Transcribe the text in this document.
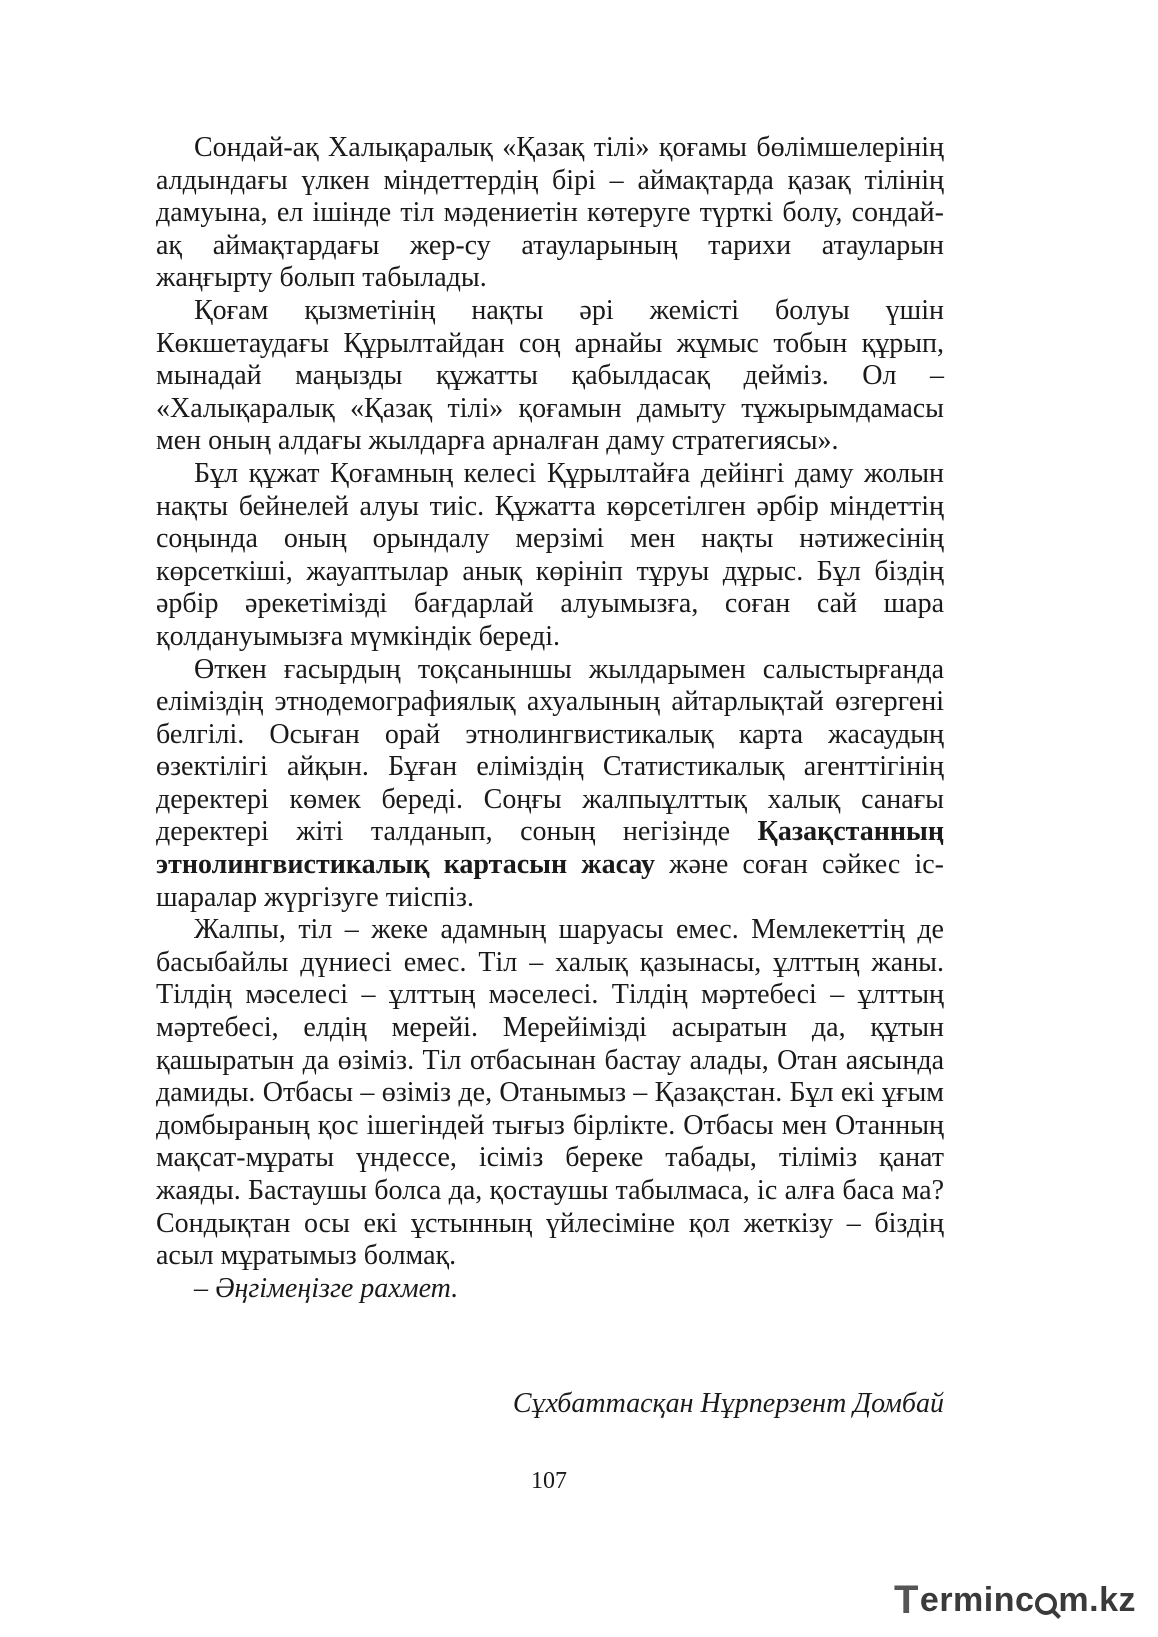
Сондай-ақ Халықаралық «Қазақ тілі» қоғамы бөлімшелерінің алдындағы үлкен міндеттердің бірі – аймақтарда қазақ тілінің дамуына, ел ішінде тіл мәдениетін көтеруге түрткі болу, сондай-ақ аймақтардағы жер-су атауларының тарихи атауларын жаңғырту болып табылады.

Қоғам қызметінің нақты әрі жемісті болуы үшін Көкшетаудағы Құрылтайдан соң арнайы жұмыс тобын құрып, мынадай маңызды құжатты қабылдасақ дейміз. Ол – «Халықаралық «Қазақ тілі» қоғамын дамыту тұжырымдамасы мен оның алдағы жылдарға арналған даму стратегиясы».

Бұл құжат Қоғамның келесі Құрылтайға дейінгі даму жолын нақты бейнелей алуы тиіс. Құжатта көрсетілген әрбір міндеттің соңында оның орындалу мерзімі мен нақты нәтижесінің көрсеткіші, жауаптылар анық көрініп тұруы дұрыс. Бұл біздің әрбір әрекетімізді бағдарлай алуымызға, соған сай шара қолдануымызға мүмкіндік береді.

Өткен ғасырдың тоқсаныншы жылдарымен салыстырғанда еліміздің этнодемографиялық ахуалының айтарлықтай өзгергені белгілі. Осыған орай этнолингвистикалық карта жасаудың өзектілігі айқын. Бұған еліміздің Статистикалық агенттігінің деректері көмек береді. Соңғы жалпыұлттық халық санағы деректері жіті талданып, соның негізінде Қазақстанның этнолингвистикалық картасын жасау және соған сәйкес іс-шаралар жүргізуге тиіспіз.

Жалпы, тіл – жеке адамның шаруасы емес. Мемлекеттің де басыбайлы дүниесі емес. Тіл – халық қазынасы, ұлттың жаны. Тілдің мәселесі – ұлттың мәселесі. Тілдің мәртебесі – ұлттың мәртебесі, елдің мерейі. Мерейімізді асыратын да, құтын қашыратын да өзіміз. Тіл отбасынан бастау алады, Отан аясында дамиды. Отбасы – өзіміз де, Отанымыз – Қазақстан. Бұл екі ұғым домбыраның қос ішегіндей тығыз бірлікте. Отбасы мен Отанның мақсат-мұраты үндессе, ісіміз береке табады, тіліміз қанат жаяды. Бастаушы болса да, қостаушы табылмаса, іс алға баса ма? Сондықтан осы екі ұстынның үйлесіміне қол жеткізу – біздің асыл мұратымыз болмақ.

– Әңгімеңізге рахмет.

Сұхбаттасқан Нұрперзент Домбай
107
T erminc m.kz
